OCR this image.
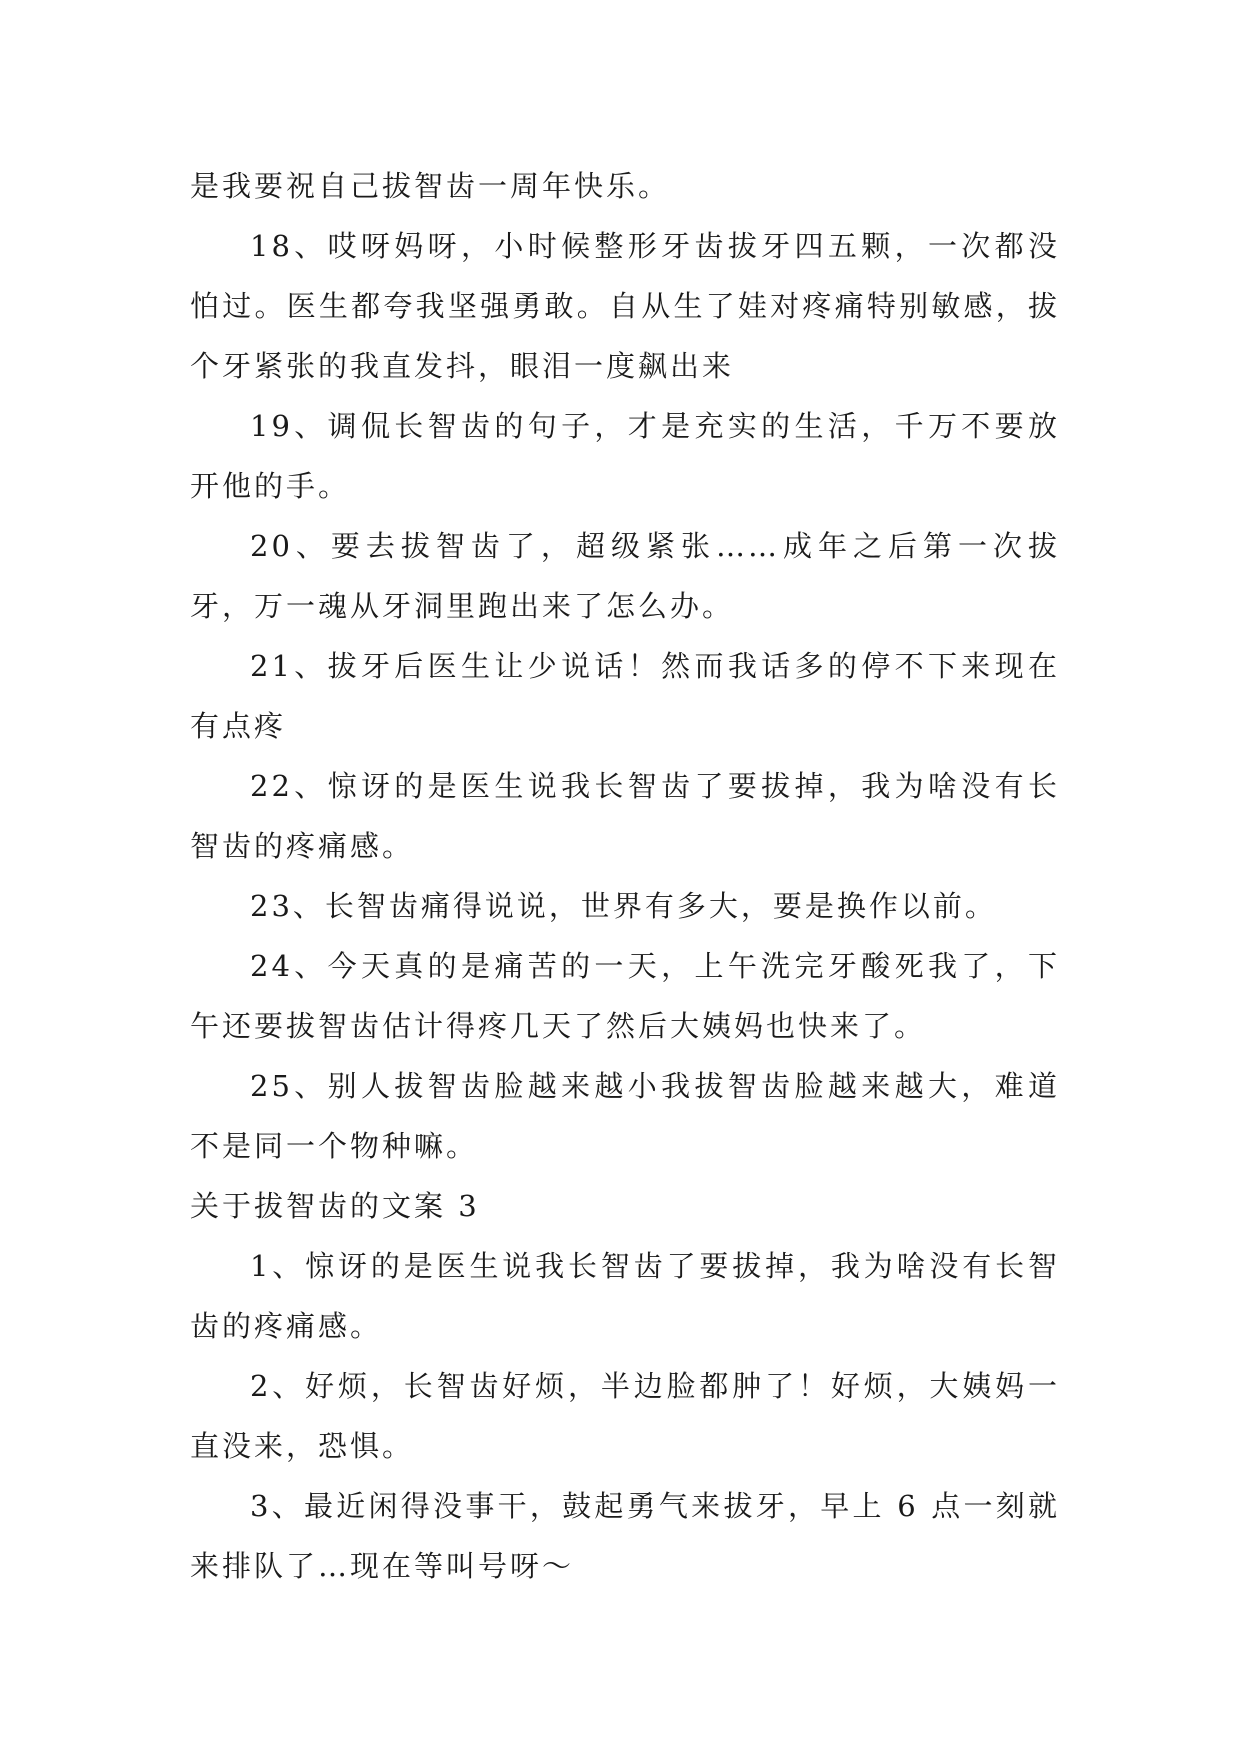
是我要祝自己拔智齿一周年快乐。

18、哎呀妈呀，小时候整形牙齿拔牙四五颗，一次都没怕过。医生都夸我坚强勇敢。自从生了娃对疼痛特别敏感，拔个牙紧张的我直发抖，眼泪一度飙出来

19、调侃长智齿的句子，才是充实的生活，千万不要放开他的手。

20、要去拔智齿了，超级紧张……成年之后第一次拔牙，万一魂从牙洞里跑出来了怎么办。

21、拔牙后医生让少说话！然而我话多的停不下来现在有点疼

22、惊讶的是医生说我长智齿了要拔掉，我为啥没有长智齿的疼痛感。

23、长智齿痛得说说，世界有多大，要是换作以前。

24、今天真的是痛苦的一天，上午洗完牙酸死我了，下午还要拔智齿估计得疼几天了然后大姨妈也快来了。

25、别人拔智齿脸越来越小我拔智齿脸越来越大，难道不是同一个物种嘛。

关于拔智齿的文案 3

1、惊讶的是医生说我长智齿了要拔掉，我为啥没有长智齿的疼痛感。

2、好烦，长智齿好烦，半边脸都肿了！好烦，大姨妈一直没来，恐惧。

3、最近闲得没事干，鼓起勇气来拔牙，早上 6 点一刻就来排队了…现在等叫号呀～
